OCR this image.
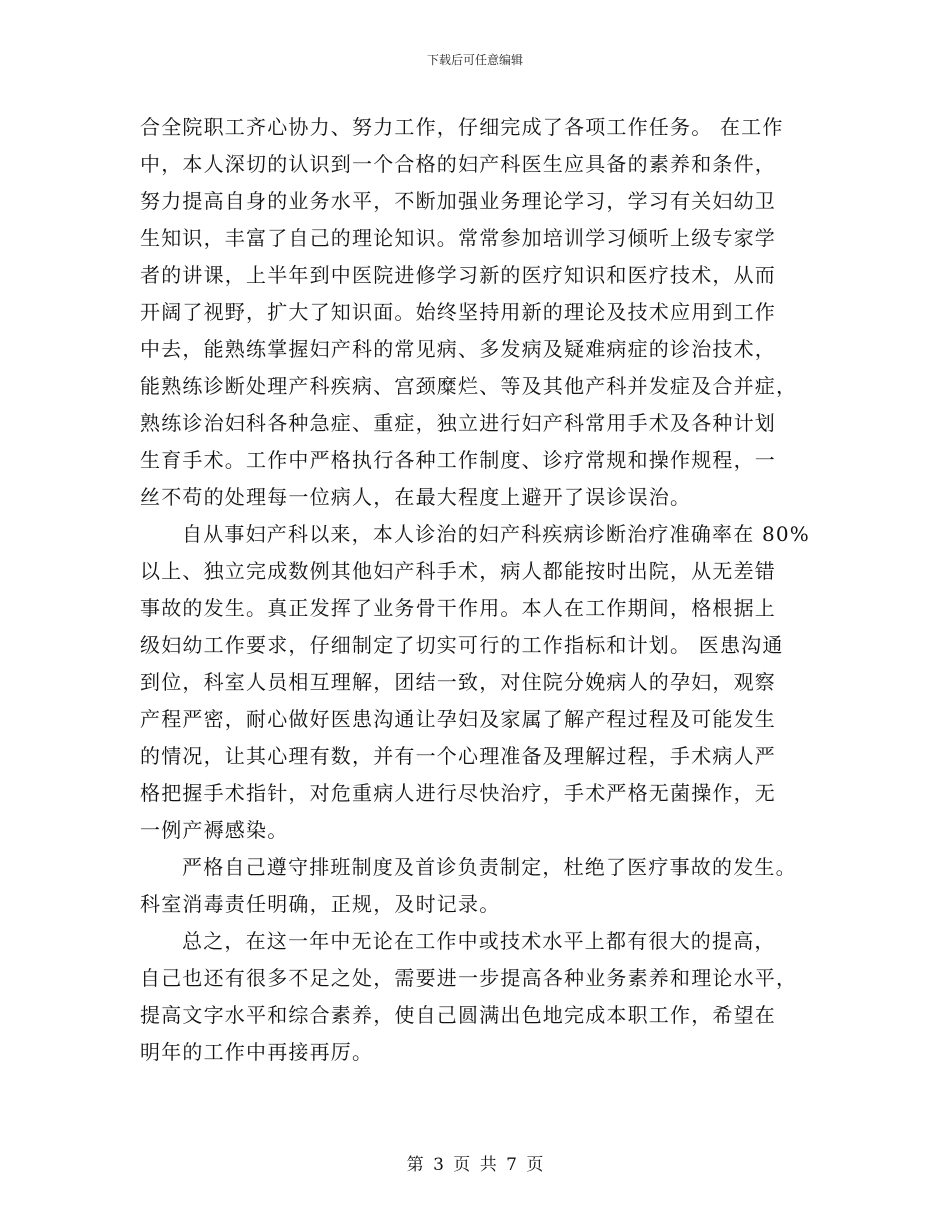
下载后可任意编辑
合全院职工齐心协力、努力工作，仔细完成了各项工作任务。 在工作
中，本人深切的认识到一个合格的妇产科医生应具备的素养和条件，
努力提高自身的业务水平，不断加强业务理论学习，学习有关妇幼卫
生知识，丰富了自己的理论知识。常常参加培训学习倾听上级专家学
者的讲课，上半年到中医院进修学习新的医疗知识和医疗技术，从而
开阔了视野，扩大了知识面。始终坚持用新的理论及技术应用到工作
中去，能熟练掌握妇产科的常见病、多发病及疑难病症的诊治技术，
能熟练诊断处理产科疾病、宫颈糜烂、等及其他产科并发症及合并症，
熟练诊治妇科各种急症、重症，独立进行妇产科常用手术及各种计划
生育手术。工作中严格执行各种工作制度、诊疗常规和操作规程，一
丝不苟的处理每一位病人，在最大程度上避开了误诊误治。
自从事妇产科以来，本人诊治的妇产科疾病诊断治疗准确率在 80%
以上、独立完成数例其他妇产科手术，病人都能按时出院，从无差错
事故的发生。真正发挥了业务骨干作用。本人在工作期间，格根据上
级妇幼工作要求，仔细制定了切实可行的工作指标和计划。 医患沟通
到位，科室人员相互理解，团结一致，对住院分娩病人的孕妇，观察
产程严密，耐心做好医患沟通让孕妇及家属了解产程过程及可能发生
的情况，让其心理有数，并有一个心理准备及理解过程，手术病人严
格把握手术指针，对危重病人进行尽快治疗，手术严格无菌操作，无
一例产褥感染。
严格自己遵守排班制度及首诊负责制定，杜绝了医疗事故的发生。
科室消毒责任明确，正规，及时记录。
总之，在这一年中无论在工作中或技术水平上都有很大的提高，
自己也还有很多不足之处，需要进一步提高各种业务素养和理论水平，
提高文字水平和综合素养，使自己圆满出色地完成本职工作，希望在
明年的工作中再接再厉。
第 3 页 共 7 页
